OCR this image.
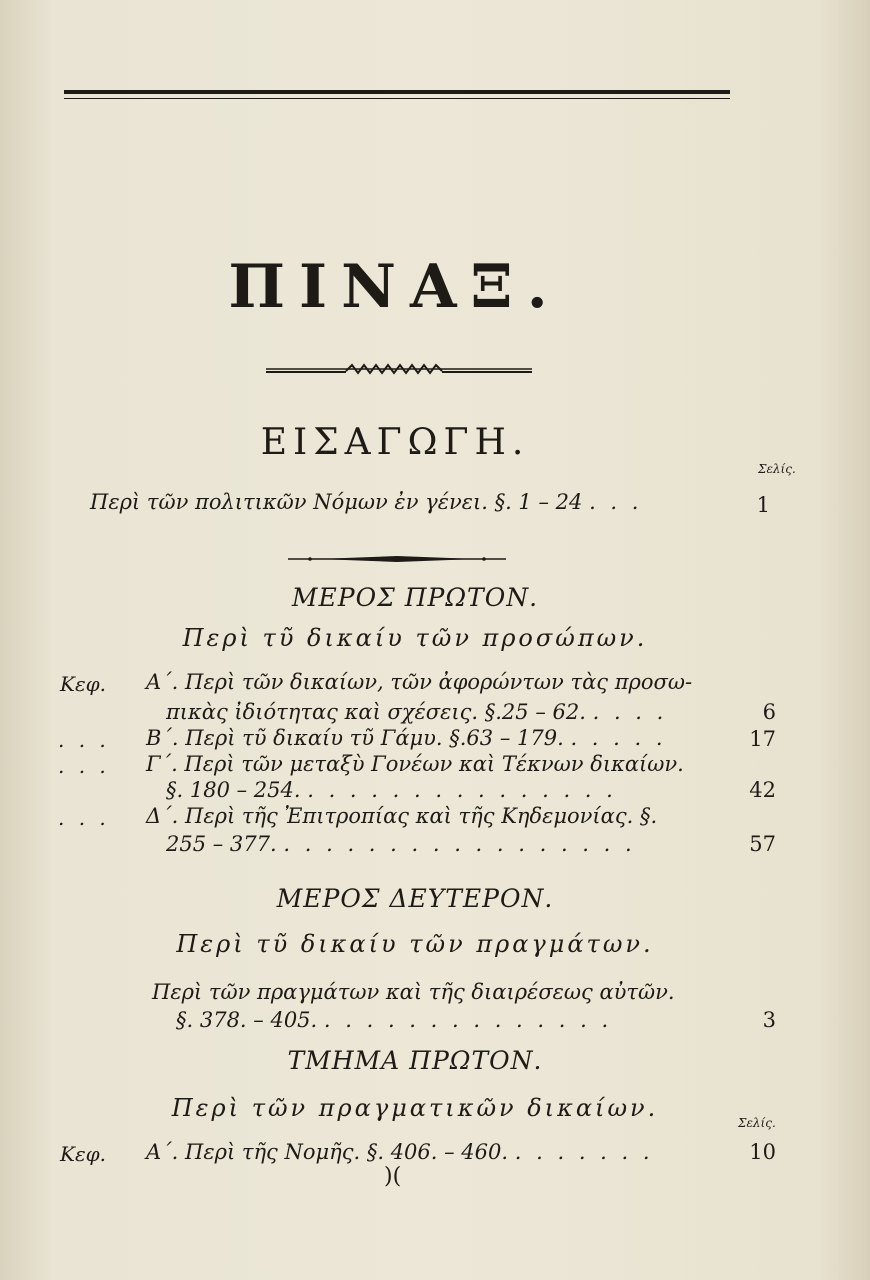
ΠΙΝΑΞ.
ΕΙΣΑΓΩΓΗ.
Σελίς.
Περὶ τῶν πολιτικῶν Νόμων ἐν γένει. §. 1 – 24 . . .	1
ΜΕΡΟΣ ΠΡΩΤΟΝ.
Περὶ τῦ δικαίυ τῶν προσώπων.
Κεφ. Α΄. Περὶ τῶν δικαίων, τῶν ἀφορώντων τὰς προσω-
πικὰς ἰδιότητας καὶ σχέσεις. §.25 – 62. . . . .	6
. . . Β΄. Περὶ τῦ δικαίυ τῦ Γάμυ. §.63 – 179. . . . . .	17
. . . Γ΄. Περὶ τῶν μεταξὺ Γονέων καὶ Τέκνων δικαίων.
§. 180 – 254. . . . . . . . . . . . . . . .	42
. . . Δ΄. Περὶ τῆς Ἐπιτροπίας καὶ τῆς Κηδεμονίας. §.
255 – 377. . . . . . . . . . . . . . . . . .	57
ΜΕΡΟΣ ΔΕΥΤΕΡΟΝ.
Περὶ τῦ δικαίυ τῶν πραγμάτων.
Περὶ τῶν πραγμάτων καὶ τῆς διαιρέσεως αὐτῶν.
§. 378. – 405. . . . . . . . . . . . . . .	3
ΤΜΗΜΑ ΠΡΩΤΟΝ.
Περὶ τῶν πραγματικῶν δικαίων.
Σελίς.
Κεφ. Α΄. Περὶ τῆς Νομῆς. §. 406. – 460. . . . . . . .	10
)(
